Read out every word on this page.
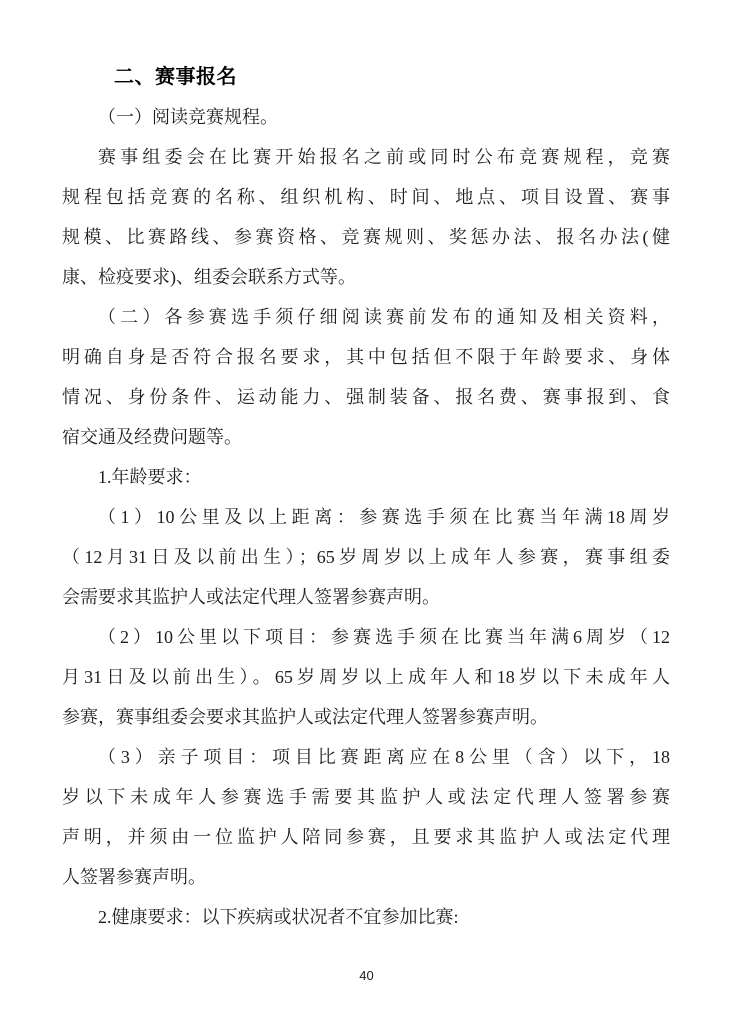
二、赛事报名
（一）阅读竞赛规程。
赛事组委会在比赛开始报名之前或同时公布竞赛规程，竞赛
规程包括竞赛的名称、组织机构、时间、地点、项目设置、赛事
规模、比赛路线、参赛资格、竞赛规则、奖惩办法、报名办法(健
康、检疫要求)、组委会联系方式等。
（二）各参赛选手须仔细阅读赛前发布的通知及相关资料，
明确自身是否符合报名要求，其中包括但不限于年龄要求、身体
情况、身份条件、运动能力、强制装备、报名费、赛事报到、食
宿交通及经费问题等。
1.年龄要求：
（1）10公里及以上距离：参赛选手须在比赛当年满18周岁
（12月31日及以前出生）；65岁周岁以上成年人参赛，赛事组委
会需要求其监护人或法定代理人签署参赛声明。
（2）10公里以下项目：参赛选手须在比赛当年满6周岁（12
月31日及以前出生）。65岁周岁以上成年人和18岁以下未成年人
参赛，赛事组委会要求其监护人或法定代理人签署参赛声明。
（3）亲子项目：项目比赛距离应在8公里（含）以下，18
岁以下未成年人参赛选手需要其监护人或法定代理人签署参赛
声明，并须由一位监护人陪同参赛，且要求其监护人或法定代理
人签署参赛声明。
2.健康要求：以下疾病或状况者不宜参加比赛:
40
